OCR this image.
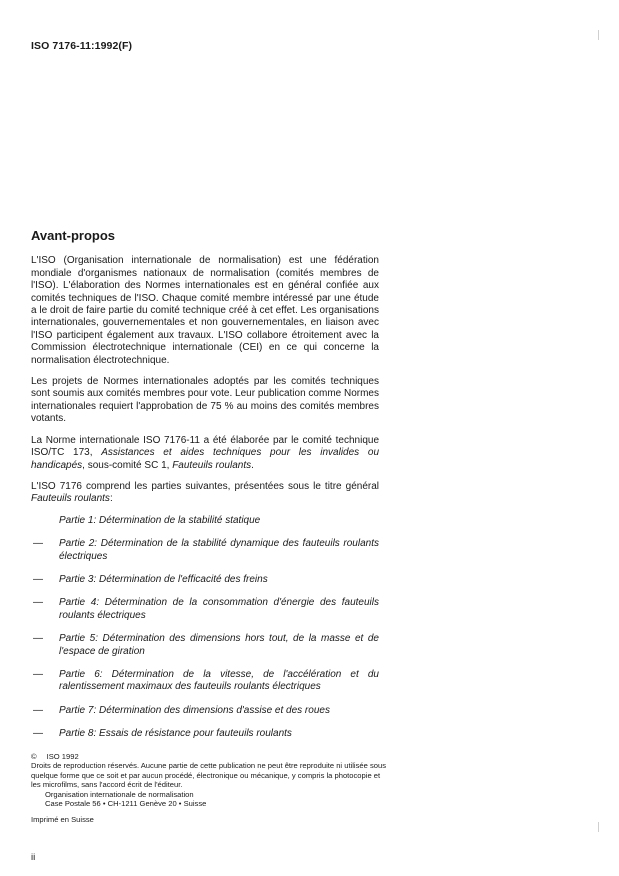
ISO 7176-11:1992(F)
Avant-propos

L'ISO (Organisation internationale de normalisation) est une fédération mondiale d'organismes nationaux de normalisation (comités membres de l'ISO). L'élaboration des Normes internationales est en général confiée aux comités techniques de l'ISO. Chaque comité membre intéressé par une étude a le droit de faire partie du comité technique créé à cet effet. Les organisations internationales, gouvernementales et non gouvernementales, en liaison avec l'ISO participent également aux travaux. L'ISO collabore étroitement avec la Commission électrotechnique internationale (CEI) en ce qui concerne la normalisation électrotechnique.

Les projets de Normes internationales adoptés par les comités techniques sont soumis aux comités membres pour vote. Leur publication comme Normes internationales requiert l'approbation de 75 % au moins des comités membres votants.

La Norme internationale ISO 7176-11 a été élaborée par le comité technique ISO/TC 173, Assistances et aides techniques pour les invalides ou handicapés, sous-comité SC 1, Fauteuils roulants.

L'ISO 7176 comprend les parties suivantes, présentées sous le titre général Fauteuils roulants:

Partie 1: Détermination de la stabilité statique
— Partie 2: Détermination de la stabilité dynamique des fauteuils roulants électriques
— Partie 3: Détermination de l'efficacité des freins
— Partie 4: Détermination de la consommation d'énergie des fauteuils roulants électriques
— Partie 5: Détermination des dimensions hors tout, de la masse et de l'espace de giration
— Partie 6: Détermination de la vitesse, de l'accélération et du ralentissement maximaux des fauteuils roulants électriques
— Partie 7: Détermination des dimensions d'assise et des roues
— Partie 8: Essais de résistance pour fauteuils roulants
© ISO 1992
Droits de reproduction réservés. Aucune partie de cette publication ne peut être reproduite ni utilisée sous quelque forme que ce soit et par aucun procédé, électronique ou mécanique, y compris la photocopie et les microfilms, sans l'accord écrit de l'éditeur.
Organisation internationale de normalisation
Case Postale 56 • CH-1211 Genève 20 • Suisse
Imprimé en Suisse
ii
